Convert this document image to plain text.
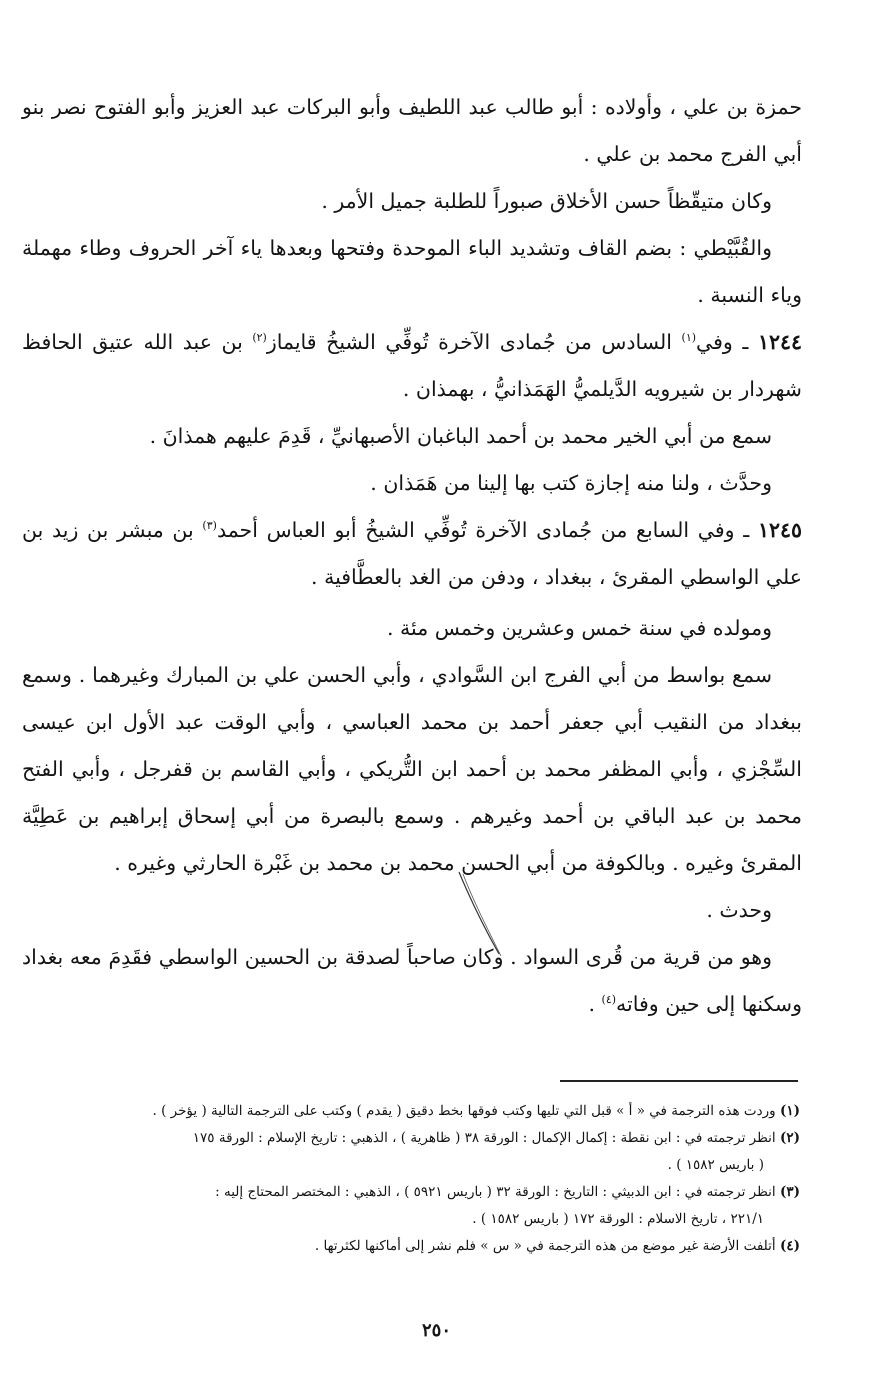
حمزة بن علي ، وأولاده : أبو طالب عبد اللطيف وأبو البركات عبد العزيز وأبو الفتوح نصر بنو أبي الفرج محمد بن علي .

وكان متيقّظاً حسن الأخلاق صبوراً للطلبة جميل الأمر .

والقُبَّيْطي : بضم القاف وتشديد الباء الموحدة وفتحها وبعدها ياء آخر الحروف وطاء مهملة وياء النسبة .

١٢٤٤ ـ وفي$^{(١)}$ السادس من جُمادى الآخرة تُوفِّي الشيخُ قايماز$^{(٢)}$ بن عبد الله عتيق الحافظ شهردار بن شيرويه الدَّيلميُّ الهَمَذانيُّ ، بهمذان .

سمع من أبي الخير محمد بن أحمد الباغبان الأصبهانيِّ ، قَدِمَ عليهم همذانَ .

وحدَّث ، ولنا منه إجازة كتب بها إلينا من هَمَذان .

١٢٤٥ ـ وفي السابع من جُمادى الآخرة تُوفِّي الشيخُ أبو العباس أحمد$^{(٣)}$ بن مبشر بن زيد بن علي الواسطي المقرئ ، ببغداد ، ودفن من الغد بالعطَّافية .

ومولده في سنة خمس وعشرين وخمس مئة .

سمع بواسط من أبي الفرج ابن السَّوادي ، وأبي الحسن علي بن المبارك وغيرهما . وسمع ببغداد من النقيب أبي جعفر أحمد بن محمد العباسي ، وأبي الوقت عبد الأول ابن عيسى السِّجْزي ، وأبي المظفر محمد بن أحمد ابن التُّريكي ، وأبي القاسم بن قفرجل ، وأبي الفتح محمد بن عبد الباقي بن أحمد وغيرهم . وسمع بالبصرة من أبي إسحاق إبراهيم بن عَطِيَّة المقرئ وغيره . وبالكوفة من أبي الحسن محمد بن محمد بن غَبْرة الحارثي وغيره .

وحدث .

وهو من قرية من قُرى السواد . وكان صاحباً لصدقة بن الحسين الواسطي فقَدِمَ معه بغداد وسكنها إلى حين وفاته$^{(٤)}$ .

(١) وردت هذه الترجمة في « أ » قبل التي تليها وكتب فوقها بخط دقيق ( يقدم ) وكتب على الترجمة التالية ( يؤخر ) .

(٢) انظر ترجمته في : ابن نقطة : إكمال الإكمال : الورقة ٣٨ ( ظاهرية ) ، الذهبي : تاريخ الإسلام : الورقة ١٧٥

( باريس ١٥٨٢ ) .

(٣) انظر ترجمته في : ابن الدبيثي : التاريخ : الورقة ٣٢ ( باريس ٥٩٢١ ) ، الذهبي : المختصر المحتاج إليه :

٢٢١/١ ، تاريخ الاسلام : الورقة ١٧٢ ( باريس ١٥٨٢ ) .

(٤) أتلفت الأرضة غير موضع من هذه الترجمة في « س » فلم نشر إلى أماكنها لكثرتها .

٢٥٠
